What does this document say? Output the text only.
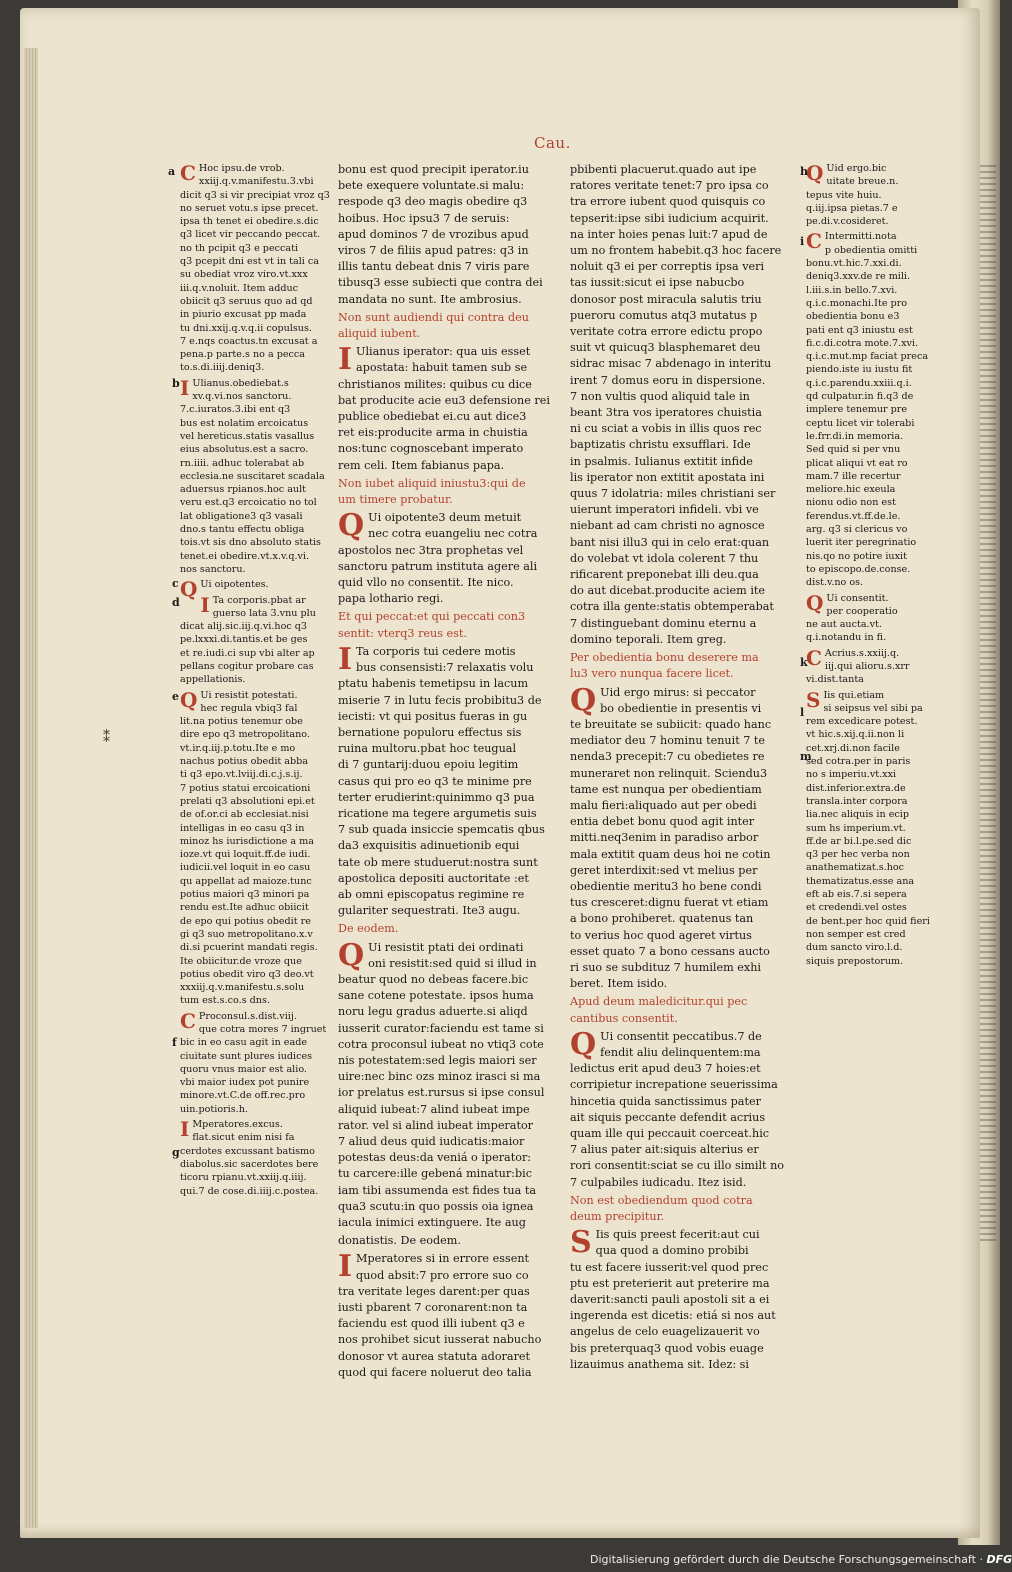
Cau.
C Hoc ipsu.de vrob.

xxiij.q.v.manifestu.3.vbi

dicit q3 si vir precipiat vroz q3

no seruet votu.s ipse precet.

ipsa th tenet ei obedire.s.dic

q3 licet vir peccando peccat.

no th pcipit q3 e peccati

q3 pcepit dni est vt in tali ca

su obediat vroz viro.vt.xxx

iii.q.v.noluit. Item adduc

obiicit q3 seruus quo ad qd

in piurio excusat pp mada

tu dni.xxij.q.v.q.ii copulsus.

7 e.nqs coactus.tn excusat a

pena.p parte.s no a pecca

to.s.di.iiij.deniq3.

I Ulianus.obediebat.s

xv.q.vi.nos sanctoru.

7.c.iuratos.3.ibi ent q3

bus est nolatim ercoicatus

vel hereticus.statis vasallus

eius absolutus.est a sacro.

rn.iiii. adhuc tolerabat ab

ecclesia.ne suscitaret scadala

aduersus rpianos.hoc ault

veru est.q3 ercoicatio no tol

lat obligatione3 q3 vasali

dno.s tantu effectu obliga

tois.vt sis dno absoluto statis

tenet.ei obedire.vt.x.v.q.vi.

nos sanctoru.

Q Ui oipotentes.

I Ta corporis.pbat ar

guerso lata 3.vnu plu

dicat alij.sic.iij.q.vi.hoc q3

pe.lxxxi.di.tantis.et be ges

et re.iudi.ci sup vbi alter ap

pellans cogitur probare cas

appellationis.

Q Ui resistit potestati.

hec regula vbiq3 fal

lit.na potius tenemur obe

dire epo q3 metropolitano.

vt.ir.q.iij.p.totu.Ite e mo

nachus potius obedit abba

ti q3 epo.vt.lviij.di.c.j.s.ij.

7 potius statui ercoicationi

prelati q3 absolutioni epi.et

de of.or.ci ab ecclesiat.nisi

intelligas in eo casu q3 in

minoz hs iurisdictione a ma

ioze.vt qui loquit.ff.de iudi.

iudicii.vel loquit in eo casu

qu appellat ad maioze.tunc

potius maiori q3 minori pa

rendu est.Ite adhuc obiicit

de epo qui potius obedit re

gi q3 suo metropolitano.x.v

di.si pcuerint mandati regis.

Ite obiicitur.de vroze que

potius obedit viro q3 deo.vt

xxxiij.q.v.manifestu.s.solu

tum est.s.co.s dns.

C Proconsul.s.dist.viij.

que cotra mores 7 ingruet

bic in eo casu agit in eade

ciuitate sunt plures iudices

quoru vnus maior est alio.

vbi maior iudex pot punire

minore.vt.C.de off.rec.pro

uin.potioris.h.

I Mperatores.excus.

flat.sicut enim nisi fa

cerdotes excussant batismo

diabolus.sic sacerdotes bere

ticoru rpianu.vt.xxiij.q.iiij.

qui.7 de cose.di.iiij.c.postea.

bonu est quod precipit iperator.iu

bete exequere voluntate.si malu:

respode q3 deo magis obedire q3

hoibus. Hoc ipsu3 7 de seruis:

apud dominos 7 de vrozibus apud

viros 7 de filiis apud patres: q3 in

illis tantu debeat dnis 7 viris pare

tibusq3 esse subiecti que contra dei

mandata no sunt. Ite ambrosius.

Non sunt audiendi qui contra deu

aliquid iubent.

I Ulianus iperator: qua uis esset

apostata: habuit tamen sub se

christianos milites: quibus cu dice

bat producite acie eu3 defensione rei

publice obediebat ei.cu aut dice3

ret eis:producite arma in chuistia

nos:tunc cognoscebant imperato

rem celi. Item fabianus papa.

Non iubet aliquid iniustu3:qui de

um timere probatur.

Q Ui oipotente3 deum metuit

nec cotra euangeliu nec cotra

apostolos nec 3tra prophetas vel

sanctoru patrum instituta agere ali

quid vllo no consentit. Ite nico.

papa lothario regi.

Et qui peccat:et qui peccati con3

sentit: vterq3 reus est.

I Ta corporis tui cedere motis

bus consensisti:7 relaxatis volu

ptatu habenis temetipsu in lacum

miserie 7 in lutu fecis probibitu3 de

iecisti: vt qui positus fueras in gu

bernatione populoru effectus sis

ruina multoru.pbat hoc teugual

di 7 guntarij:duou epoiu legitim

casus qui pro eo q3 te minime pre

terter erudierint:quinimmo q3 pua

ricatione ma tegere argumetis suis

7 sub quada insiccie spemcatis qbus

da3 exquisitis adinuetionib equi

tate ob mere studuerut:nostra sunt

apostolica depositi auctoritate :et

ab omni episcopatus regimine re

gulariter sequestrati. Ite3 augu.

De eodem.

Q Ui resistit ptati dei ordinati

oni resistit:sed quid si illud in

beatur quod no debeas facere.bic

sane cotene potestate. ipsos huma

noru legu gradus aduerte.si aliqd

iusserit curator:faciendu est tame si

cotra proconsul iubeat no vtiq3 cote

nis potestatem:sed legis maiori ser

uire:nec binc ozs minoz irasci si ma

ior prelatus est.rursus si ipse consul

aliquid iubeat:7 alind iubeat impe

rator. vel si alind iubeat imperator

7 aliud deus quid iudicatis:maior

potestas deus:da veniá o iperator:

tu carcere:ille gebená minatur:bic

iam tibi assumenda est fides tua ta

qua3 scutu:in quo possis oia ignea

iacula inimici extinguere. Ite aug

donatistis. De eodem.

I Mperatores si in errore essent

quod absit:7 pro errore suo co

tra veritate leges darent:per quas

iusti pbarent 7 coronarent:non ta

faciendu est quod illi iubent q3 e

nos prohibet sicut iusserat nabucho

donosor vt aurea statuta adoraret

quod qui facere noluerut deo talia

pbibenti placuerut.quado aut ipe

ratores veritate tenet:7 pro ipsa co

tra errore iubent quod quisquis co

tepserit:ipse sibi iudicium acquirit.

na inter hoies penas luit:7 apud de

um no frontem habebit.q3 hoc facere

noluit q3 ei per correptis ipsa veri

tas iussit:sicut ei ipse nabucbo

donosor post miracula salutis triu

pueroru comutus atq3 mutatus p

veritate cotra errore edictu propo

suit vt quicuq3 blasphemaret deu

sidrac misac 7 abdenago in interitu

irent 7 domus eoru in dispersione.

7 non vultis quod aliquid tale in

beant 3tra vos iperatores chuistia

ni cu sciat a vobis in illis quos rec

baptizatis christu exsufflari. Ide

in psalmis. Iulianus extitit infide

lis iperator non extitit apostata ini

quus 7 idolatria: miles christiani ser

uierunt imperatori infideli. vbi ve

niebant ad cam christi no agnosce

bant nisi illu3 qui in celo erat:quan

do volebat vt idola colerent 7 thu

rificarent preponebat illi deu.qua

do aut dicebat.producite aciem ite

cotra illa gente:statis obtemperabat

7 distinguebant dominu eternu a

domino teporali. Item greg.

Per obedientia bonu deserere ma

lu3 vero nunqua facere licet.

Q Uid ergo mirus: si peccator

bo obedientie in presentis vi

te breuitate se subiicit: quado hanc

mediator deu 7 hominu tenuit 7 te

nenda3 precepit:7 cu obedietes re

muneraret non relinquit. Sciendu3

tame est nunqua per obedientiam

malu fieri:aliquado aut per obedi

entia debet bonu quod agit inter

mitti.neq3enim in paradiso arbor

mala extitit quam deus hoi ne cotin

geret interdixit:sed vt melius per

obedientie meritu3 ho bene condi

tus cresceret:dignu fuerat vt etiam

a bono prohiberet. quatenus tan

to verius hoc quod ageret virtus

esset quato 7 a bono cessans aucto

ri suo se subdituz 7 humilem exhi

beret. Item isido.

Apud deum maledicitur.qui pec

cantibus consentit.

Q Ui consentit peccatibus.7 de

fendit aliu delinquentem:ma

ledictus erit apud deu3 7 hoies:et

corripietur increpatione seuerissima

hincetia quida sanctissimus pater

ait siquis peccante defendit acrius

quam ille qui peccauit coerceat.hic

7 alius pater ait:siquis alterius er

rori consentit:sciat se cu illo similt no

7 culpabiles iudicadu. Itez isid.

Non est obediendum quod cotra

deum precipitur.

S Iis quis preest fecerit:aut cui

qua quod a domino probibi

tu est facere iusserit:vel quod prec

ptu est preterierit aut preterire ma

daverit:sancti pauli apostoli sit a ei

ingerenda est dicetis: etiá si nos aut

angelus de celo euagelizauerit vo

bis preterquaq3 quod vobis euage

lizauimus anathema sit. Idez: si

Q Uid ergo.bic

uitate breue.n.

tepus vite huiu.

q.iij.ipsa pietas.7 e

pe.di.v.cosideret.

C Intermitti.nota

p obedientia omitti

bonu.vt.hic.7.xxi.di.

deniq3.xxv.de re mili.

l.iii.s.in bello.7.xvi.

q.i.c.monachi.Ite pro

obedientia bonu e3

pati ent q3 iniustu est

fi.c.di.cotra mote.7.xvi.

q.i.c.mut.mp faciat preca

piendo.iste iu iustu fit

q.i.c.parendu.xxiii.q.i.

qd culpatur.in fi.q3 de

implere tenemur pre

ceptu licet vir tolerabi

le.frr.di.in memoria.

Sed quid si per vnu

plicat aliqui vt eat ro

mam.7 ille recertur

meliore.hic exeula

nionu odio non est

ferendus.vt.ff.de.le.

arg. q3 si clericus vo

luerit iter peregrinatio

nis.qo no potire iuxit

to episcopo.de.conse.

dist.v.no os.

Q Ui consentit.

per cooperatio

ne aut aucta.vt.

q.i.notandu in fi.

C Acrius.s.xxiij.q.

iij.qui alioru.s.xrr

vi.dist.tanta

S Iis qui.etiam

si seipsus vel sibi pa

rem excedicare potest.

vt hic.s.xij.q.ii.non li

cet.xrj.di.non facile

sed cotra.per in paris

no s imperiu.vt.xxi

dist.inferior.extra.de

transla.inter corpora

lia.nec aliquis in ecip

sum hs imperium.vt.

ff.de ar bi.l.pe.sed dic

q3 per hec verba non

anathematizat.s.hoc

thematizatus.esse ana

eft ab eis.7.si sepera

et credendi.vel ostes

de bent.per hoc quid fieri

non semper est cred

dum sancto viro.l.d.

siquis prepostorum.

a
b
c
d
e
f
g
h
i
k
l
m
⁑
Digitalisierung gefördert durch die Deutsche Forschungsgemeinschaft · DFG
